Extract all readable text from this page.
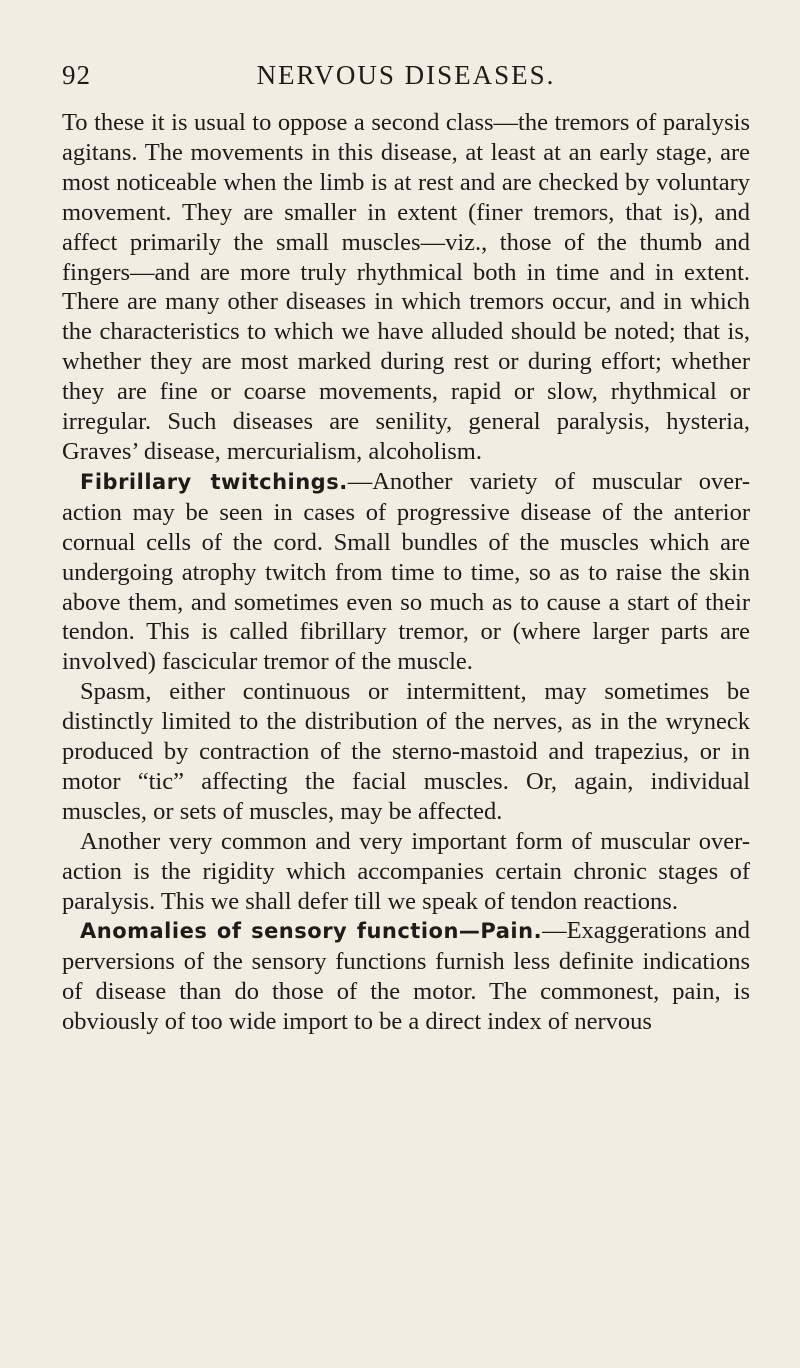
92	NERVOUS DISEASES.

To these it is usual to oppose a second class—the tremors of paralysis agitans. The movements in this disease, at least at an early stage, are most noticeable when the limb is at rest and are checked by voluntary movement. They are smaller in extent (finer tremors, that is), and affect primarily the small muscles—viz., those of the thumb and fingers—and are more truly rhythmical both in time and in extent. There are many other diseases in which tremors occur, and in which the characteristics to which we have alluded should be noted; that is, whether they are most marked during rest or during effort; whether they are fine or coarse movements, rapid or slow, rhythmical or irregular. Such diseases are senility, general paralysis, hysteria, Graves’ disease, mercurialism, alcoholism.

Fibrillary twitchings.—Another variety of muscular over-action may be seen in cases of progressive disease of the anterior cornual cells of the cord. Small bundles of the muscles which are undergoing atrophy twitch from time to time, so as to raise the skin above them, and sometimes even so much as to cause a start of their tendon. This is called fibrillary tremor, or (where larger parts are involved) fascicular tremor of the muscle.

Spasm, either continuous or intermittent, may sometimes be distinctly limited to the distribution of the nerves, as in the wryneck produced by contraction of the sterno-mastoid and trapezius, or in motor “tic” affecting the facial muscles. Or, again, individual muscles, or sets of muscles, may be affected.

Another very common and very important form of muscular over-action is the rigidity which accompanies certain chronic stages of paralysis. This we shall defer till we speak of tendon reactions.

Anomalies of sensory function—Pain.—Exaggerations and perversions of the sensory functions furnish less definite indications of disease than do those of the motor. The commonest, pain, is obviously of too wide import to be a direct index of nervous
